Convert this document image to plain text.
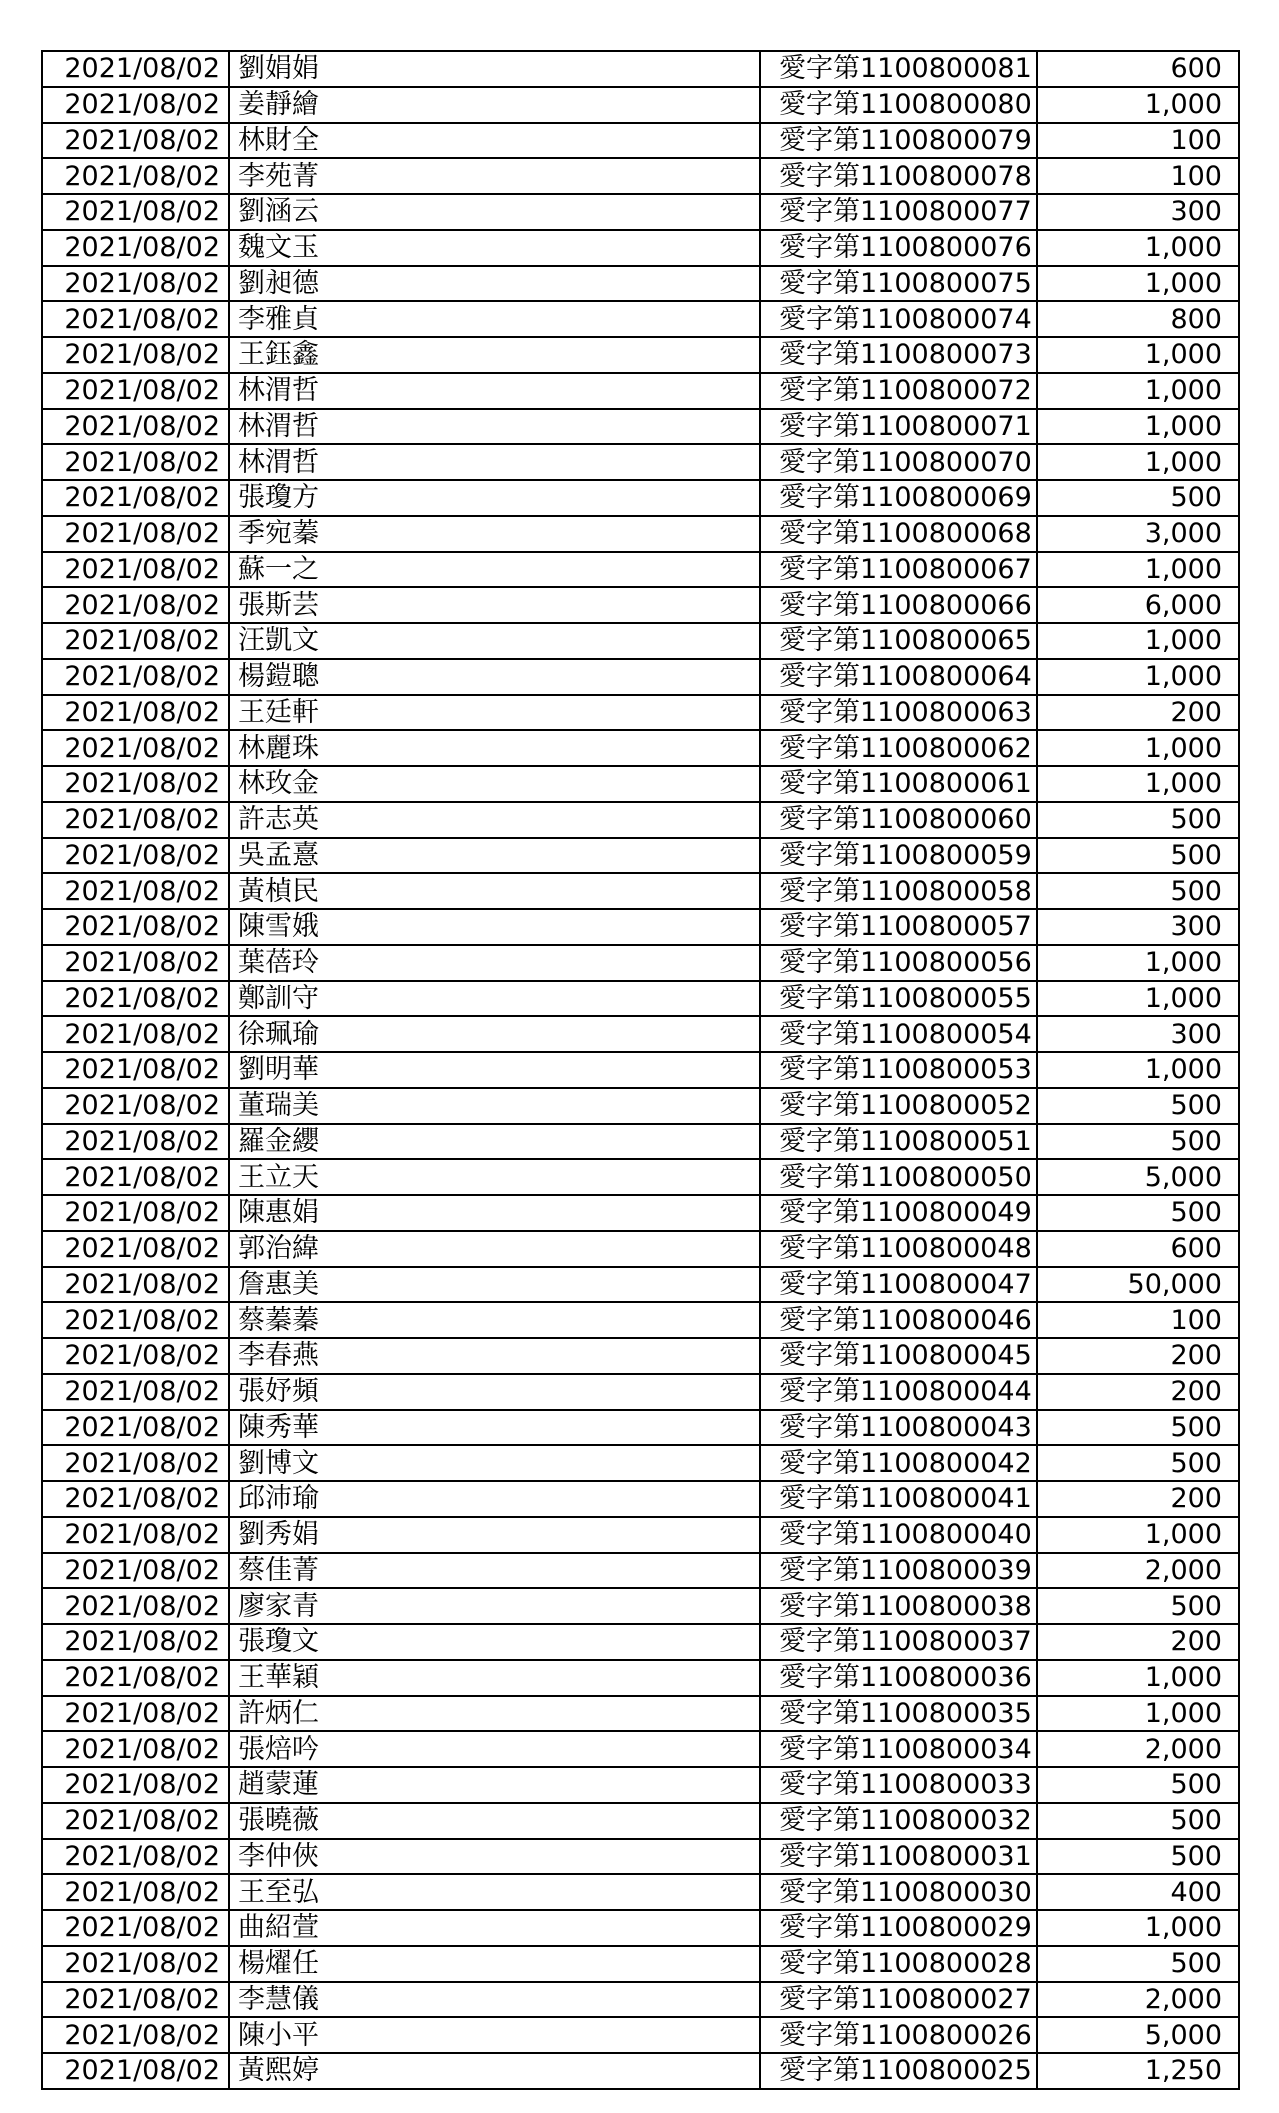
2021/08/02	劉娟娟	愛字第1100800081	600
2021/08/02	姜靜繪	愛字第1100800080	1,000
2021/08/02	林財全	愛字第1100800079	100
2021/08/02	李苑菁	愛字第1100800078	100
2021/08/02	劉涵云	愛字第1100800077	300
2021/08/02	魏文玉	愛字第1100800076	1,000
2021/08/02	劉昶德	愛字第1100800075	1,000
2021/08/02	李雅貞	愛字第1100800074	800
2021/08/02	王鈺鑫	愛字第1100800073	1,000
2021/08/02	林渭哲	愛字第1100800072	1,000
2021/08/02	林渭哲	愛字第1100800071	1,000
2021/08/02	林渭哲	愛字第1100800070	1,000
2021/08/02	張瓊方	愛字第1100800069	500
2021/08/02	季宛蓁	愛字第1100800068	3,000
2021/08/02	蘇一之	愛字第1100800067	1,000
2021/08/02	張斯芸	愛字第1100800066	6,000
2021/08/02	汪凱文	愛字第1100800065	1,000
2021/08/02	楊鎧聰	愛字第1100800064	1,000
2021/08/02	王廷軒	愛字第1100800063	200
2021/08/02	林麗珠	愛字第1100800062	1,000
2021/08/02	林玫金	愛字第1100800061	1,000
2021/08/02	許志英	愛字第1100800060	500
2021/08/02	吳孟憙	愛字第1100800059	500
2021/08/02	黃楨民	愛字第1100800058	500
2021/08/02	陳雪娥	愛字第1100800057	300
2021/08/02	葉蓓玲	愛字第1100800056	1,000
2021/08/02	鄭訓守	愛字第1100800055	1,000
2021/08/02	徐珮瑜	愛字第1100800054	300
2021/08/02	劉明華	愛字第1100800053	1,000
2021/08/02	董瑞美	愛字第1100800052	500
2021/08/02	羅金纓	愛字第1100800051	500
2021/08/02	王立天	愛字第1100800050	5,000
2021/08/02	陳惠娟	愛字第1100800049	500
2021/08/02	郭治緯	愛字第1100800048	600
2021/08/02	詹惠美	愛字第1100800047	50,000
2021/08/02	蔡蓁蓁	愛字第1100800046	100
2021/08/02	李春燕	愛字第1100800045	200
2021/08/02	張妤頻	愛字第1100800044	200
2021/08/02	陳秀華	愛字第1100800043	500
2021/08/02	劉博文	愛字第1100800042	500
2021/08/02	邱沛瑜	愛字第1100800041	200
2021/08/02	劉秀娟	愛字第1100800040	1,000
2021/08/02	蔡佳菁	愛字第1100800039	2,000
2021/08/02	廖家青	愛字第1100800038	500
2021/08/02	張瓊文	愛字第1100800037	200
2021/08/02	王華穎	愛字第1100800036	1,000
2021/08/02	許炳仁	愛字第1100800035	1,000
2021/08/02	張焙吟	愛字第1100800034	2,000
2021/08/02	趙蒙蓮	愛字第1100800033	500
2021/08/02	張曉薇	愛字第1100800032	500
2021/08/02	李仲俠	愛字第1100800031	500
2021/08/02	王至弘	愛字第1100800030	400
2021/08/02	曲紹萱	愛字第1100800029	1,000
2021/08/02	楊燿任	愛字第1100800028	500
2021/08/02	李慧儀	愛字第1100800027	2,000
2021/08/02	陳小平	愛字第1100800026	5,000
2021/08/02	黃熙婷	愛字第1100800025	1,250
